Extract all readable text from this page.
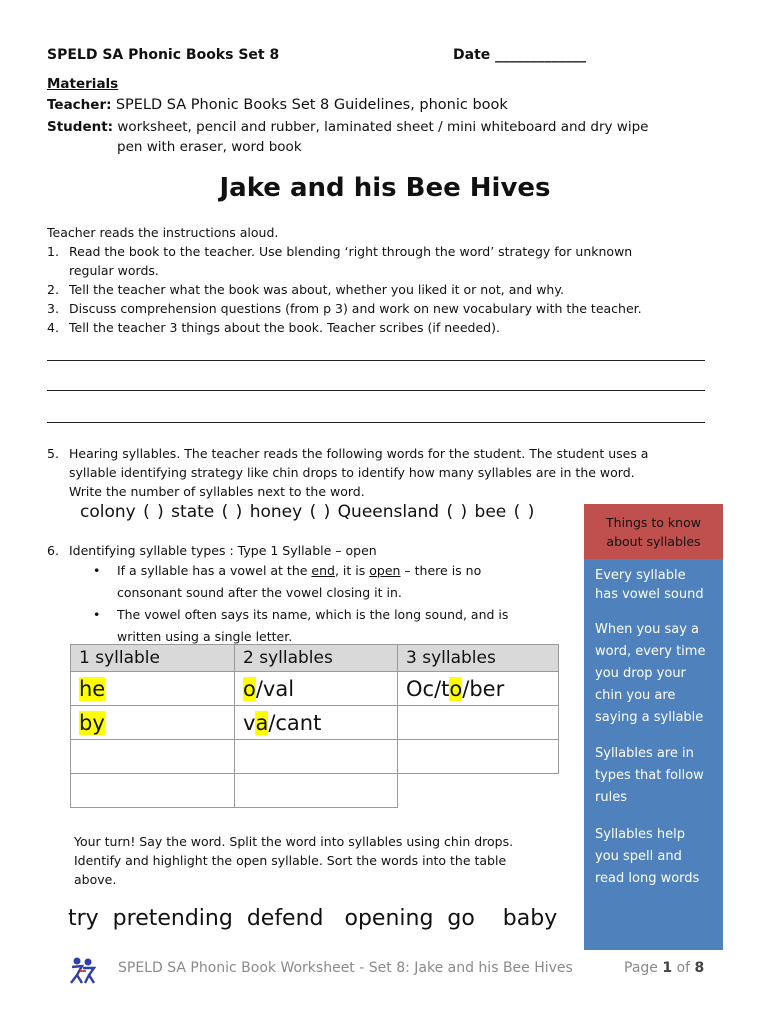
SPELD SA Phonic Books Set 8	Date _____________
Materials
Teacher: SPELD SA Phonic Books Set 8 Guidelines, phonic book
Student: worksheet, pencil and rubber, laminated sheet / mini whiteboard and dry wipe
pen with eraser, word book
Jake and his Bee Hives
Teacher reads the instructions aloud.
1. Read the book to the teacher. Use blending ‘right through the word’ strategy for unknown
regular words.
2. Tell the teacher what the book was about, whether you liked it or not, and why.
3. Discuss comprehension questions (from p 3) and work on new vocabulary with the teacher.
4. Tell the teacher 3 things about the book. Teacher scribes (if needed).
5. Hearing syllables. The teacher reads the following words for the student. The student uses a
syllable identifying strategy like chin drops to identify how many syllables are in the word.
Write the number of syllables next to the word.
colony ( ) state ( ) honey ( ) Queensland ( ) bee ( )
6. Identifying syllable types : Type 1 Syllable – open
• If a syllable has a vowel at the end, it is open – there is no
consonant sound after the vowel closing it in.
• The vowel often says its name, which is the long sound, and is
written using a single letter.
1 syllable	2 syllables	3 syllables
he	o/val	Oc/to/ber
by	va/cant	

Your turn! Say the word. Split the word into syllables using chin drops.
Identify and highlight the open syllable. Sort the words into the table
above.
try  pretending  defend   opening  go    baby
Things to know
about syllables
Every syllable
has vowel sound
When you say a
word, every time
you drop your
chin you are
saying a syllable
Syllables are in
types that follow
rules
Syllables help
you spell and
read long words
SPELD SA Phonic Book Worksheet - Set 8: Jake and his Bee Hives	Page 1 of 8
